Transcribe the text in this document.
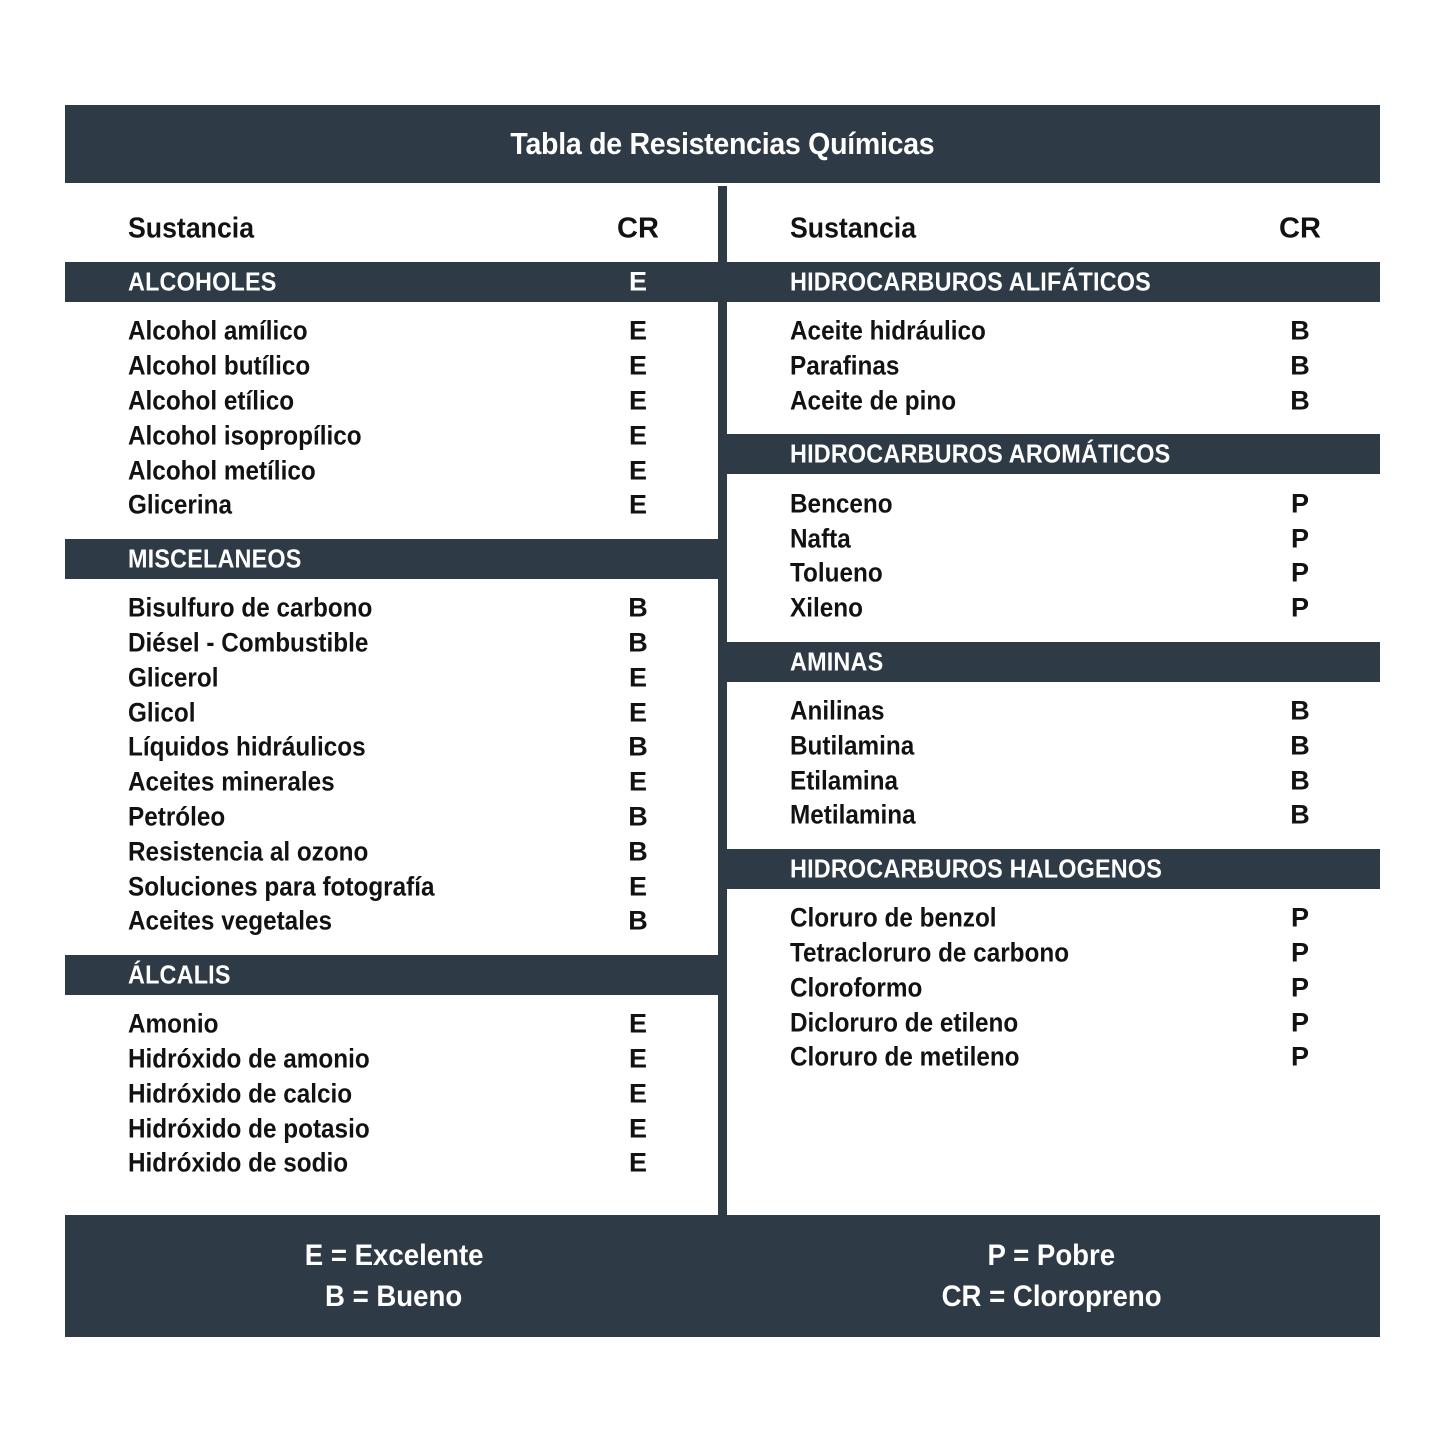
Tabla de Resistencias Químicas
Sustancia	CR
ALCOHOLES	E
Alcohol amílico	E
Alcohol butílico	E
Alcohol etílico	E
Alcohol isopropílico	E
Alcohol metílico	E
Glicerina	E
MISCELANEOS
Bisulfuro de carbono	B
Diésel - Combustible	B
Glicerol	E
Glicol	E
Líquidos hidráulicos	B
Aceites minerales	E
Petróleo	B
Resistencia al ozono	B
Soluciones para fotografía	E
Aceites vegetales	B
ÁLCALIS
Amonio	E
Hidróxido de amonio	E
Hidróxido de calcio	E
Hidróxido de potasio	E
Hidróxido de sodio	E
Sustancia	CR
HIDROCARBUROS ALIFÁTICOS
Aceite hidráulico	B
Parafinas	B
Aceite de pino	B
HIDROCARBUROS AROMÁTICOS
Benceno	P
Nafta	P
Tolueno	P
Xileno	P
AMINAS
Anilinas	B
Butilamina	B
Etilamina	B
Metilamina	B
HIDROCARBUROS HALOGENOS
Cloruro de benzol	P
Tetracloruro de carbono	P
Cloroformo	P
Dicloruro de etileno	P
Cloruro de metileno	P
E = Excelente
B = Bueno
P = Pobre
CR = Cloropreno
